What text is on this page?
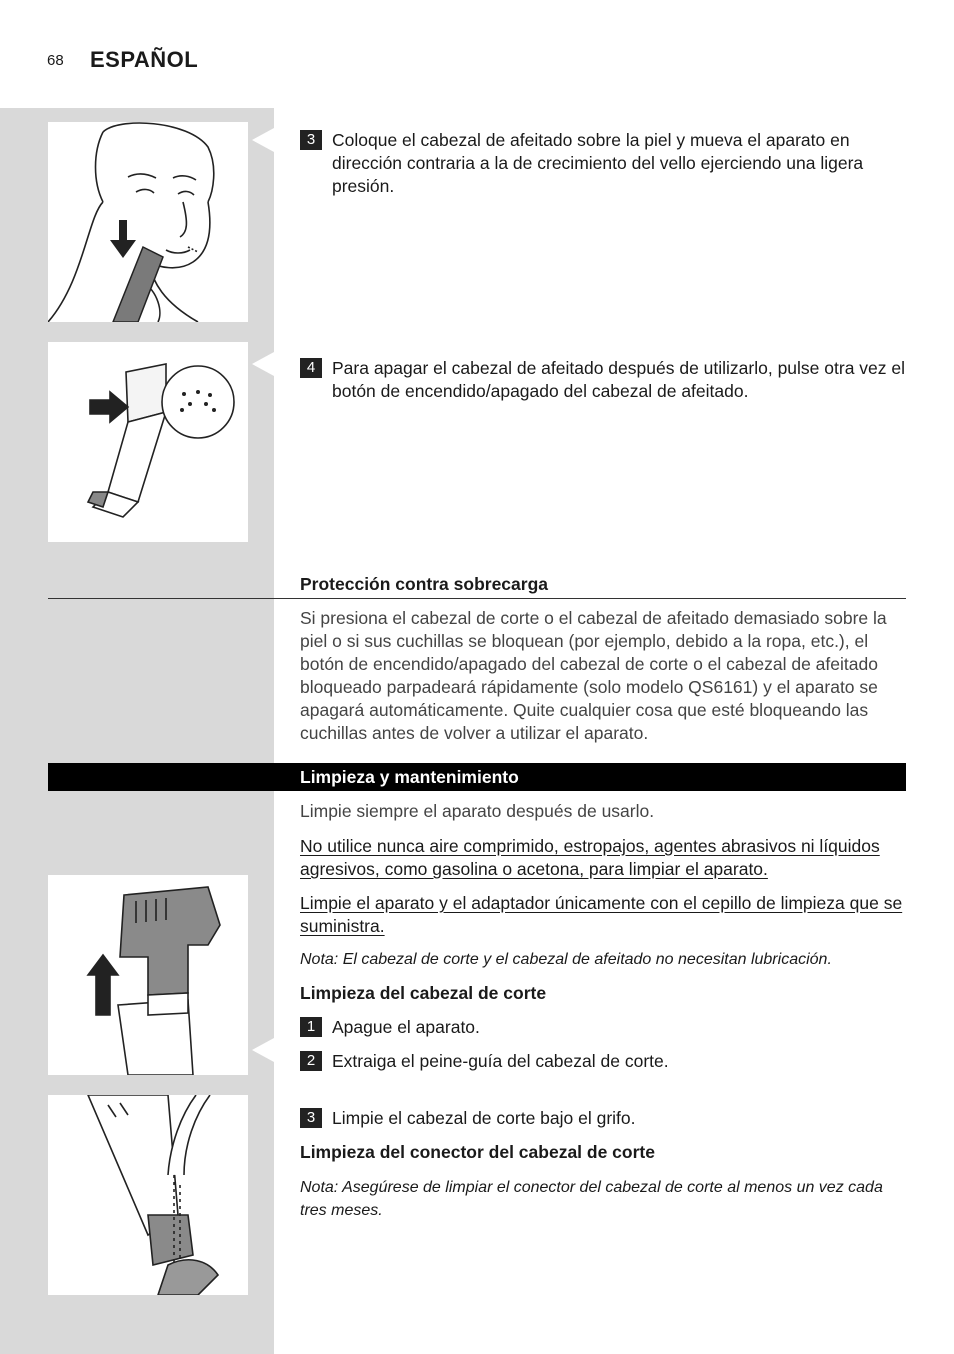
68 ESPAÑOL
3 Coloque el cabezal de afeitado sobre la piel y mueva el aparato en dirección contraria a la de crecimiento del vello ejerciendo una ligera presión.
4 Para apagar el cabezal de afeitado después de utilizarlo, pulse otra vez el botón de encendido/apagado del cabezal de afeitado.
Protección contra sobrecarga
Si presiona el cabezal de corte o el cabezal de afeitado demasiado sobre la piel o si sus cuchillas se bloquean (por ejemplo, debido a la ropa, etc.), el botón de encendido/apagado del cabezal de corte o el cabezal de afeitado bloqueado parpadeará rápidamente (solo modelo QS6161) y el aparato se apagará automáticamente. Quite cualquier cosa que esté bloqueando las cuchillas antes de volver a utilizar el aparato.
Limpieza y mantenimiento
Limpie siempre el aparato después de usarlo.
No utilice nunca aire comprimido, estropajos, agentes abrasivos ni líquidos agresivos, como gasolina o acetona, para limpiar el aparato.
Limpie el aparato y el adaptador únicamente con el cepillo de limpieza que se suministra.
Nota: El cabezal de corte y el cabezal de afeitado no necesitan lubricación.
Limpieza del cabezal de corte
1 Apague el aparato.
2 Extraiga el peine-guía del cabezal de corte.
3 Limpie el cabezal de corte bajo el grifo.
Limpieza del conector del cabezal de corte
Nota: Asegúrese de limpiar el conector del cabezal de corte al menos un vez cada tres meses.
